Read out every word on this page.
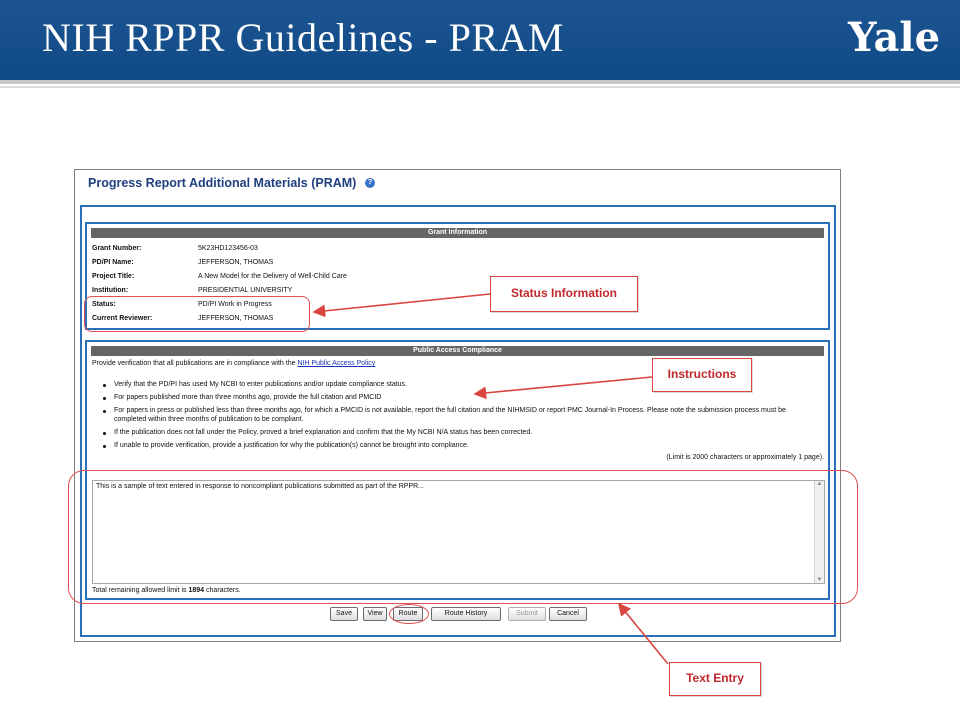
NIH RPPR Guidelines - PRAM	Yale
Progress Report Additional Materials (PRAM)	?
Grant Information
Grant Number:	5K23HD123456-03
PD/PI Name:	JEFFERSON, THOMAS
Project Title:	A New Model for the Delivery of Well-Child Care
Institution:	PRESIDENTIAL UNIVERSITY
Status:	PD/PI Work in Progress
Current Reviewer:	JEFFERSON, THOMAS
Public Access Compliance
Provide verification that all publications are in compliance with the NIH Public Access Policy
Verify that the PD/PI has used My NCBI to enter publications and/or update compliance status.
For papers published more than three months ago, provide the full citation and PMCID
For papers in press or published less than three months ago, for which a PMCID is not available, report the full citation and the NIHMSID or report PMC Journal-In Process. Please note the submission process must be completed within three months of publication to be compliant.
If the publication does not fall under the Policy, proved a brief explanation and confirm that the My NCBI N/A status has been corrected.
If unable to provide verification, provide a justification for why the publication(s) cannot be brought into compliance.
(Limit is 2000 characters or approximately 1 page).
This is a sample of text entered in response to noncompliant publications submitted as part of the RPPR...	▲
▼
Total remaining allowed limit is 1894 characters.
Save	View	Route	Route History	Submit	Cancel
Status Information
Instructions
Text Entry
